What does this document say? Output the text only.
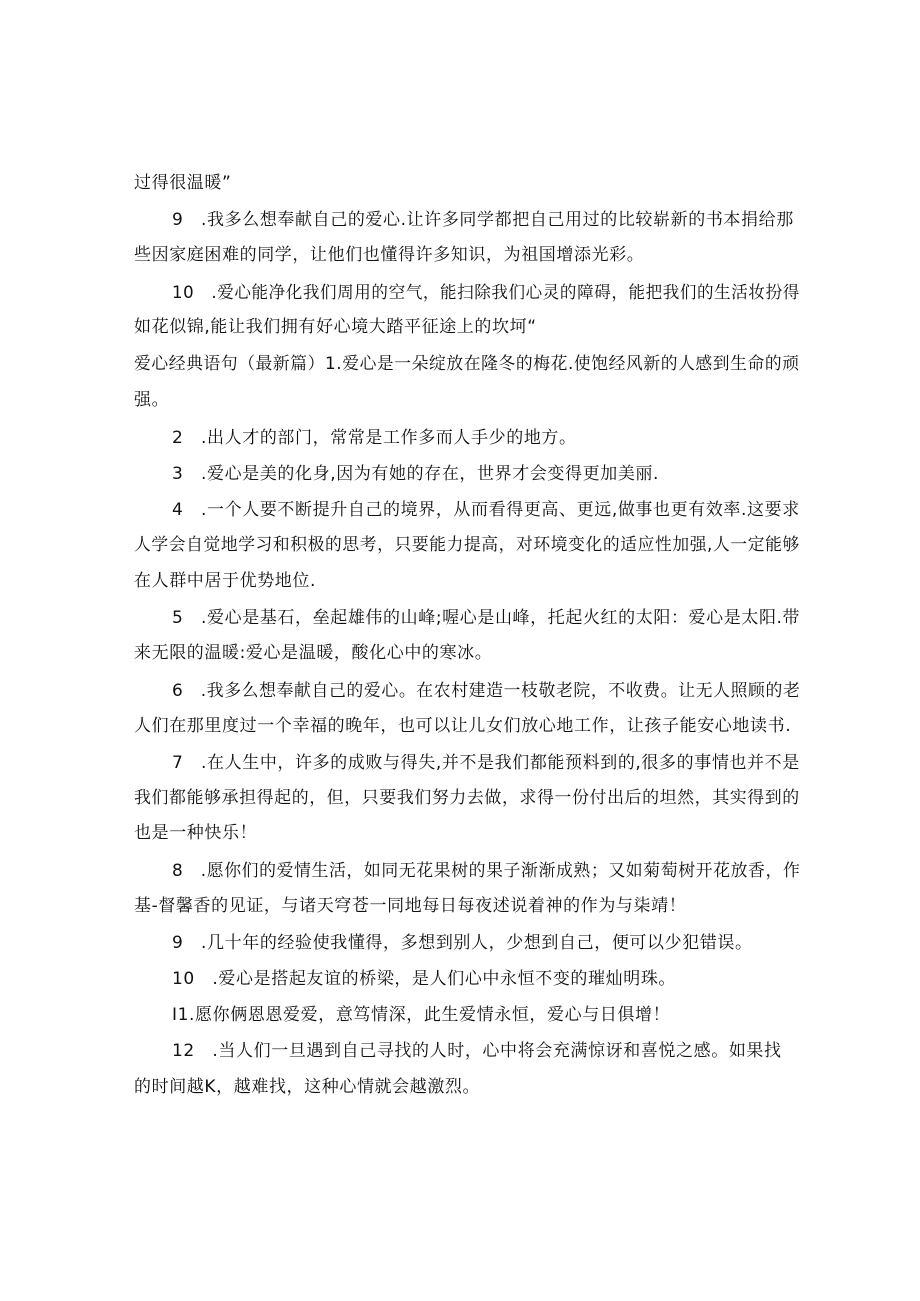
过得很温暖”
9　.我多么想奉献自己的爱心.让许多同学都把自己用过的比较崭新的书本捐给那
些因家庭困难的同学，让他们也懂得许多知识，为祖国增添光彩。
10　.爱心能净化我们周用的空气，能扫除我们心灵的障碍，能把我们的生活妆扮得
如花似锦,能让我们拥有好心境大踏平征途上的坎坷“
爱心经典语句（最新篇）1.爱心是一朵绽放在隆冬的梅花.使饱经风新的人感到生命的顽
强。
2　.出人才的部门，常常是工作多而人手少的地方。
3　.爱心是美的化身,因为有她的存在，世界才会变得更加美丽.
4　.一个人要不断提升自己的境界，从而看得更高、更远,做事也更有效率.这要求
人学会自觉地学习和积极的思考，只要能力提高，对环境变化的适应性加强,人一定能够
在人群中居于优势地位.
5　.爱心是基石，垒起雄伟的山峰;喔心是山峰，托起火红的太阳：爱心是太阳.带
来无限的温暖:爱心是温暖，酸化心中的寒冰。
6　.我多么想奉献自己的爱心。在农村建造一枝敬老院，不收费。让无人照顾的老
人们在那里度过一个幸福的晚年，也可以让儿女们放心地工作，让孩子能安心地读书.
7　.在人生中，许多的成败与得失,并不是我们都能预料到的,很多的事情也并不是
我们都能够承担得起的，但，只要我们努力去做，求得一份付出后的坦然，其实得到的
也是一种快乐！
8　.愿你们的爱情生活，如同无花果树的果子渐渐成熟；又如菊萄树开花放香，作
基-督馨香的见证，与诸天穹苍一同地每日每夜述说着神的作为与柒靖！
9　.几十年的经验使我懂得，多想到别人，少想到自己，便可以少犯错误。
10　.爱心是搭起友谊的桥梁，是人们心中永恒不变的璀灿明珠。
I1.愿你俩恩恩爱爱，意笃情深，此生爱情永恒，爱心与日俱增！
12　.当人们一旦遇到自己寻找的人时，心中将会充满惊讶和喜悦之感。如果找
的时间越K，越难找，这种心情就会越激烈。
